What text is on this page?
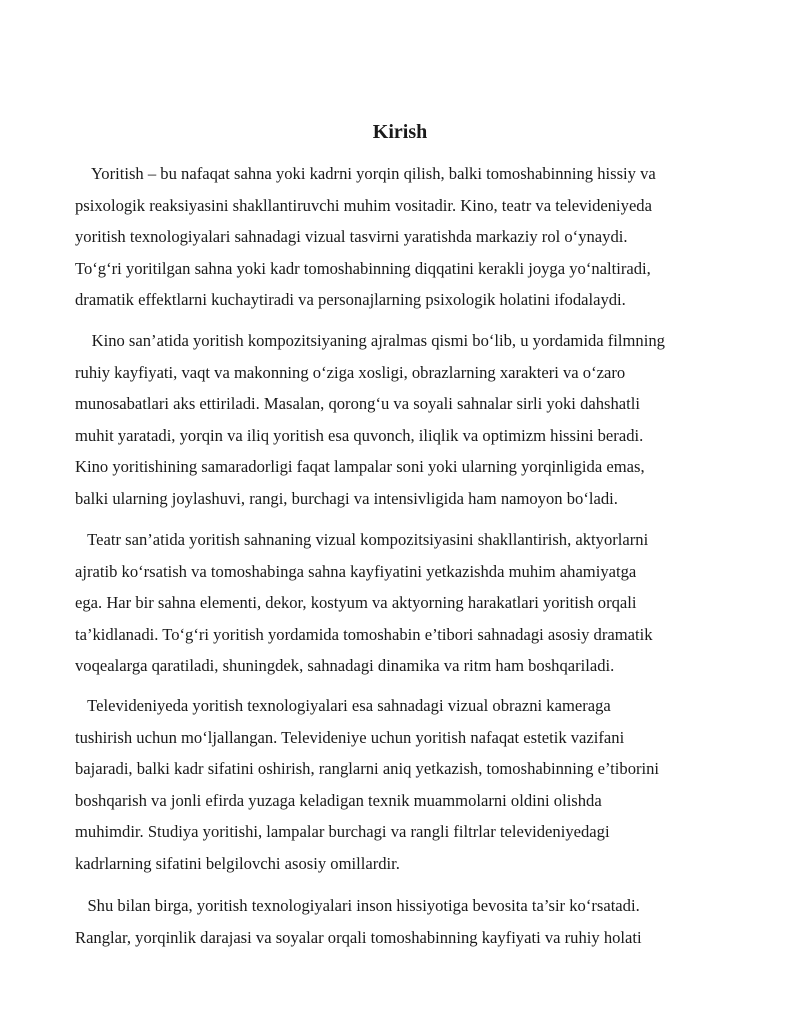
Kirish
Yoritish – bu nafaqat sahna yoki kadrni yorqin qilish, balki tomoshabinning hissiy va
psixologik reaksiyasini shakllantiruvchi muhim vositadir. Kino, teatr va televideniyeda
yoritish texnologiyalari sahnadagi vizual tasvirni yaratishda markaziy rol oʻynaydi.
Toʻgʻri yoritilgan sahna yoki kadr tomoshabinning diqqatini kerakli joyga yoʻnaltiradi,
dramatik effektlarni kuchaytiradi va personajlarning psixologik holatini ifodalaydi.
Kino san’atida yoritish kompozitsiyaning ajralmas qismi boʻlib, u yordamida filmning
ruhiy kayfiyati, vaqt va makonning oʻziga xosligi, obrazlarning xarakteri va oʻzaro
munosabatlari aks ettiriladi. Masalan, qorongʻu va soyali sahnalar sirli yoki dahshatli
muhit yaratadi, yorqin va iliq yoritish esa quvonch, iliqlik va optimizm hissini beradi.
Kino yoritishining samaradorligi faqat lampalar soni yoki ularning yorqinligida emas,
balki ularning joylashuvi, rangi, burchagi va intensivligida ham namoyon boʻladi.
Teatr san’atida yoritish sahnaning vizual kompozitsiyasini shakllantirish, aktyorlarni
ajratib koʻrsatish va tomoshabinga sahna kayfiyatini yetkazishda muhim ahamiyatga
ega. Har bir sahna elementi, dekor, kostyum va aktyorning harakatlari yoritish orqali
ta’kidlanadi. Toʻgʻri yoritish yordamida tomoshabin e’tibori sahnadagi asosiy dramatik
voqealarga qaratiladi, shuningdek, sahnadagi dinamika va ritm ham boshqariladi.
Televideniyeda yoritish texnologiyalari esa sahnadagi vizual obrazni kameraga
tushirish uchun moʻljallangan. Televideniye uchun yoritish nafaqat estetik vazifani
bajaradi, balki kadr sifatini oshirish, ranglarni aniq yetkazish, tomoshabinning e’tiborini
boshqarish va jonli efirda yuzaga keladigan texnik muammolarni oldini olishda
muhimdir. Studiya yoritishi, lampalar burchagi va rangli filtrlar televideniyedagi
kadrlarning sifatini belgilovchi asosiy omillardir.
Shu bilan birga, yoritish texnologiyalari inson hissiyotiga bevosita ta’sir koʻrsatadi.
Ranglar, yorqinlik darajasi va soyalar orqali tomoshabinning kayfiyati va ruhiy holati
